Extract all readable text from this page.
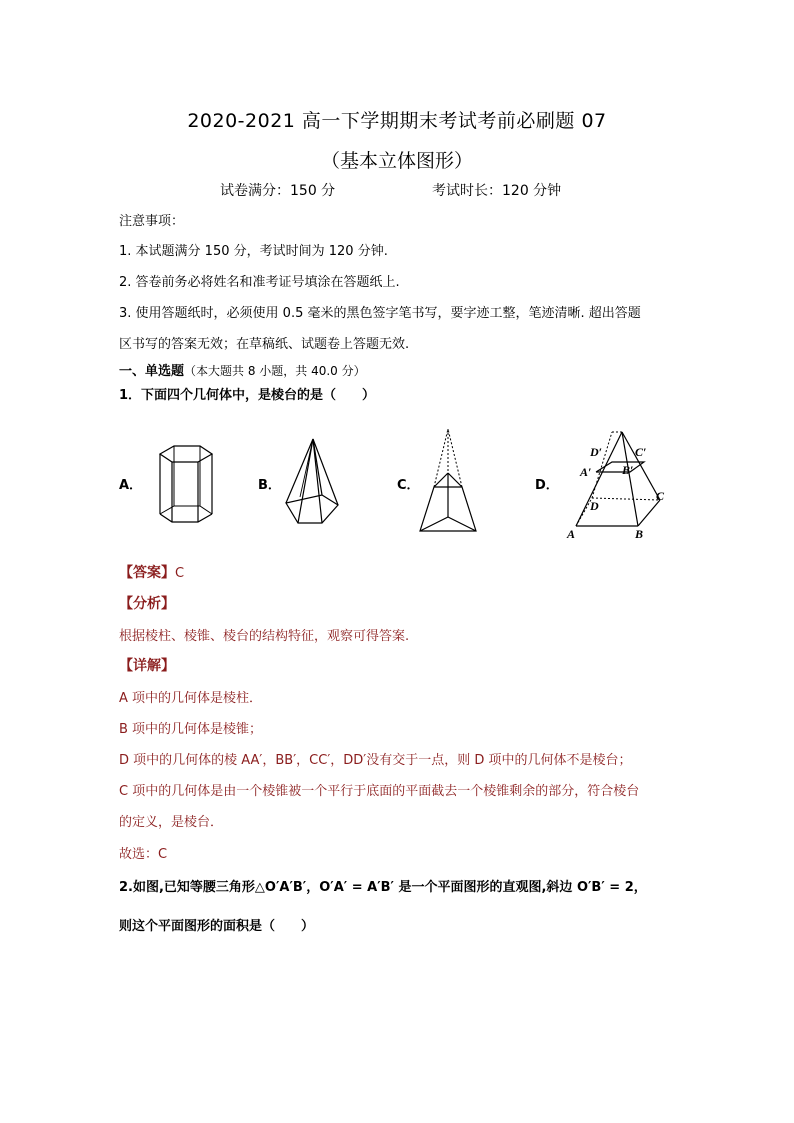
2020-2021 高一下学期期末考试考前必刷题 07
（基本立体图形）
试卷满分：150 分	考试时长：120 分钟
注意事项：
1. 本试题满分 150 分，考试时间为 120 分钟.
2. 答卷前务必将姓名和准考证号填涂在答题纸上.
3. 使用答题纸时，必须使用 0.5 毫米的黑色签字笔书写，要字迹工整，笔迹清晰. 超出答题
区书写的答案无效；在草稿纸、试题卷上答题无效.
一、单选题（本大题共 8 小题，共 40.0 分）
1．下面四个几何体中，是棱台的是（　　）
A．	B．	C．	D．
D′	C′
A′	B′
D
C
A	B
【答案】C
【分析】
根据棱柱、棱锥、棱台的结构特征，观察可得答案.
【详解】
A 项中的几何体是棱柱．
B 项中的几何体是棱锥；
D 项中的几何体的棱 AA′，BB′，CC′，DD′没有交于一点，则 D 项中的几何体不是棱台；
C 项中的几何体是由一个棱锥被一个平行于底面的平面截去一个棱锥剩余的部分，符合棱台
的定义，是棱台．
故选：C
2.如图,已知等腰三角形△O′A′B′，O′A′ = A′B′ 是一个平面图形的直观图,斜边 O′B′ = 2，
则这个平面图形的面积是（　　）
